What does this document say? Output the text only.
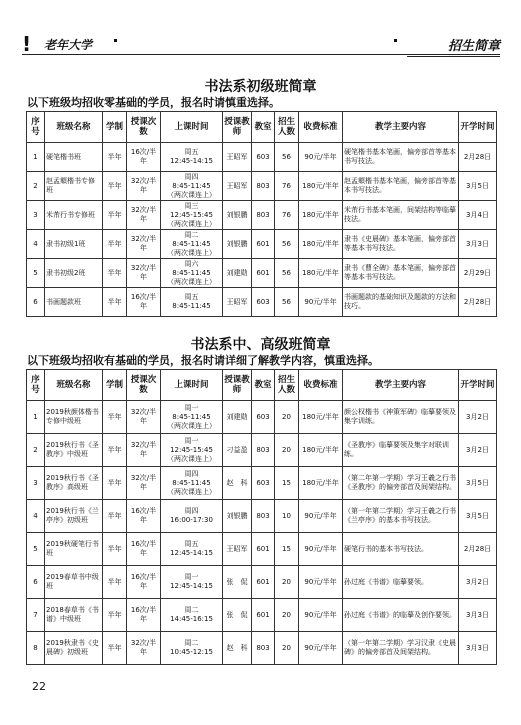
! 老年大学	招生简章
书法系初级班简章
以下班级均招收零基础的学员，报名时请慎重选择。
序号	班级名称	学制	授课次数	上课时间	授课教师	教室	招生人数	收费标准	教学主要内容	开学时间
1	硬笔楷书班	半年	16次/半年	周五
12:45-14:15	王昭军	603	56	90元/半年	硬笔楷书基本笔画，偏旁部首等基本书写技法。	2月28日
2	赵孟頫楷书专修班	半年	32次/半年	周四
8:45-11:45
（两次课连上）	王昭军	803	76	180元/半年	赵孟頫楷书基本笔画，偏旁部首等基本书写技法。	3月5日
3	米芾行书专修班	半年	32次/半年	周三
12:45-15:45
（两次课连上）	刘银鹏	803	76	180元/半年	米芾行书基本笔画，间架结构等临摹技法。	3月4日
4	隶书初级1班	半年	32次/半年	周二
8:45-11:45
（两次课连上）	刘银鹏	601	56	180元/半年	隶书《史晨碑》基本笔画，偏旁部首等基本书写技法。	3月3日
5	隶书初级2班	半年	32次/半年	周六
8:45-11:45
（两次课连上）	刘建勋	601	56	180元/半年	隶书《曹全碑》基本笔画，偏旁部首等基本书写技法。	2月29日
6	书画题款班	半年	16次/半年	周五
8:45-11:45	王昭军	603	56	90元/半年	书画题款的基础知识及题款的方法和技巧。	2月28日
书法系中、高级班简章
以下班级均招收有基础的学员，报名时请详细了解教学内容，慎重选择。
序号	班级名称	学制	授课次数	上课时间	授课教师	教室	招生人数	收费标准	教学主要内容	开学时间
1	2019秋颜体楷书专修中级班	半年	32次/半年	周一
8:45-11:45
（两次课连上）	刘建勋	603	20	180元/半年	颜公权楷书《神策军碑》临摹要领及集字训练。	3月2日
2	2019秋行书《圣教序》中级班	半年	32次/半年	周一
12:45-15:45
（两次课连上）	刁益盈	803	20	180元/半年	《圣教序》临摹要领及集字对联训练。	3月2日
3	2019秋行书《圣教序》高级班	半年	32次/半年	周四
8:45-11:45
（两次课连上）	赵　科	603	15	180元/半年	（第二年第一学期）学习王羲之行书《圣教序》的偏旁部首及间架结构。	3月5日
4	2019秋行书《兰亭序》初级班	半年	16次/半年	周四
16:00-17:30	刘银鹏	803	10	90元/半年	（第一年第二学期）学习王羲之行书《兰亭序》的基本书写技法。	3月5日
5	2019秋硬笔行书班	半年	16次/半年	周五
12:45-14:15	王昭军	601	15	90元/半年	硬笔行书的基本书写技法。	2月28日
6	2019春草书中级班	半年	16次/半年	周一
12:45-14:15	张　侃	601	20	90元/半年	孙过庭《书谱》临摹要领。	3月2日
7	2018春草书《书谱》中级班	半年	16次/半年	周二
14:45-16:15	张　侃	601	20	90元/半年	孙过庭《书谱》的临摹及创作要领。	3月3日
8	2019秋隶书《史晨碑》初级班	半年	32次/半年	周二
10:45-12:15	赵　科	803	20	90元/半年	（第一年第二学期）学习汉隶《史晨碑》的偏旁部首及间架结构。	3月3日
22
